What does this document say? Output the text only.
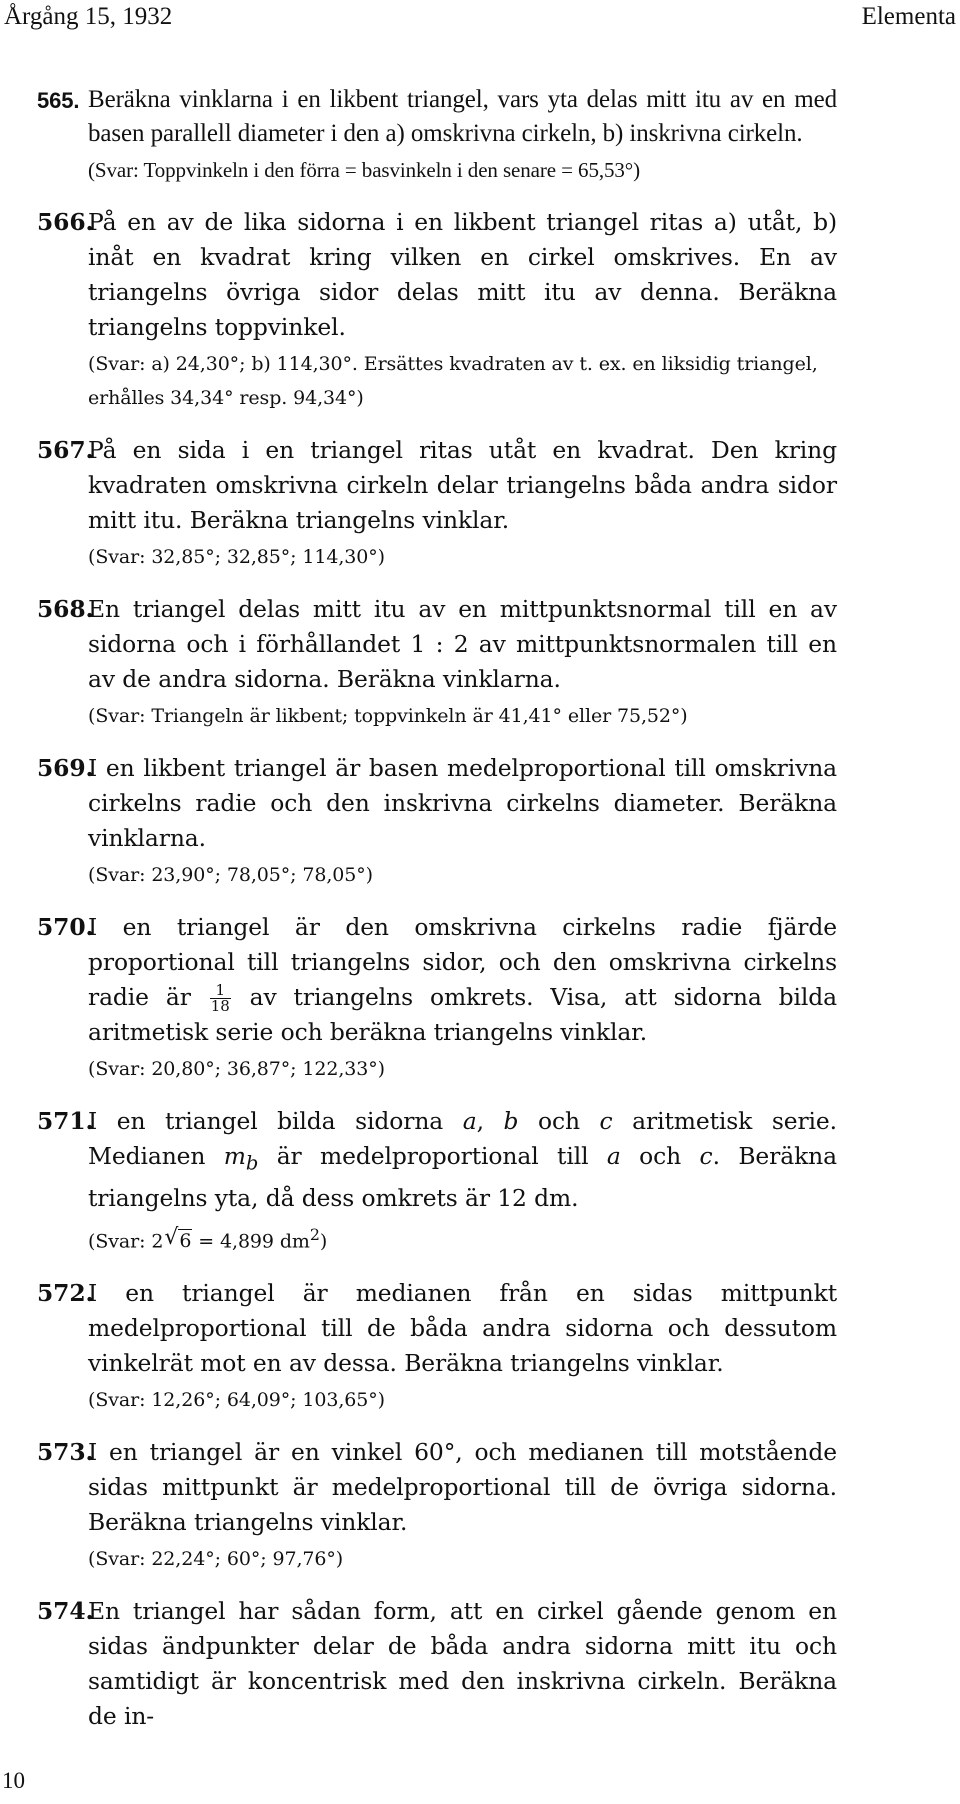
Årgång 15, 1932	Elementa
565. Beräkna vinklarna i en likbent triangel, vars yta delas mitt itu av en med basen parallell diameter i den a) omskrivna cirkeln, b) inskrivna cirkeln.
(Svar: Toppvinkeln i den förra = basvinkeln i den senare = 65,53°)
566.
På en av de lika sidorna i en likbent triangel ritas a) utåt, b) inåt en kvadrat kring vilken en cirkel omskrives. En av triangelns övriga sidor delas mitt itu av denna. Beräkna triangelns toppvinkel.
(Svar: a) 24,30°; b) 114,30°. Ersättes kvadraten av t. ex. en liksidig triangel, erhålles 34,34° resp. 94,34°)
567.
På en sida i en triangel ritas utåt en kvadrat. Den kring kvadraten omskrivna cirkeln delar triangelns båda andra sidor mitt itu. Beräkna triangelns vinklar.
(Svar: 32,85°; 32,85°; 114,30°)
568.
En triangel delas mitt itu av en mittpunktsnormal till en av sidorna och i förhållandet 1 : 2 av mittpunktsnormalen till en av de andra sidorna. Beräkna vinklarna.
(Svar: Triangeln är likbent; toppvinkeln är 41,41° eller 75,52°)
569.
I en likbent triangel är basen medelproportional till omskrivna cirkelns radie och den inskrivna cirkelns diameter. Beräkna vinklarna.
(Svar: 23,90°; 78,05°; 78,05°)
570.
I en triangel är den omskrivna cirkelns radie fjärde proportional till triangelns sidor, och den omskrivna cirkelns radie är $\frac{1}{18}$ av triangelns omkrets. Visa, att sidorna bilda aritmetisk serie och beräkna triangelns vinklar.
(Svar: 20,80°; 36,87°; 122,33°)
571.
I en triangel bilda sidorna a, b och c aritmetisk serie. Medianen $m_b$ är medelproportional till a och c. Beräkna triangelns yta, då dess omkrets är 12 dm.
(Svar: 2 √ 6 = 4,899 $dm^2$)
572.
I en triangel är medianen från en sidas mittpunkt medelproportional till de båda andra sidorna och dessutom vinkelrät mot en av dessa. Beräkna triangelns vinklar.
(Svar: 12,26°; 64,09°; 103,65°)
573.
I en triangel är en vinkel 60°, och medianen till motstående sidas mittpunkt är medelproportional till de övriga sidorna. Beräkna triangelns vinklar.
(Svar: 22,24°; 60°; 97,76°)
574.
En triangel har sådan form, att en cirkel gående genom en sidas ändpunkter delar de båda andra sidorna mitt itu och samtidigt är koncentrisk med den inskrivna cirkeln. Beräkna de in-
10
